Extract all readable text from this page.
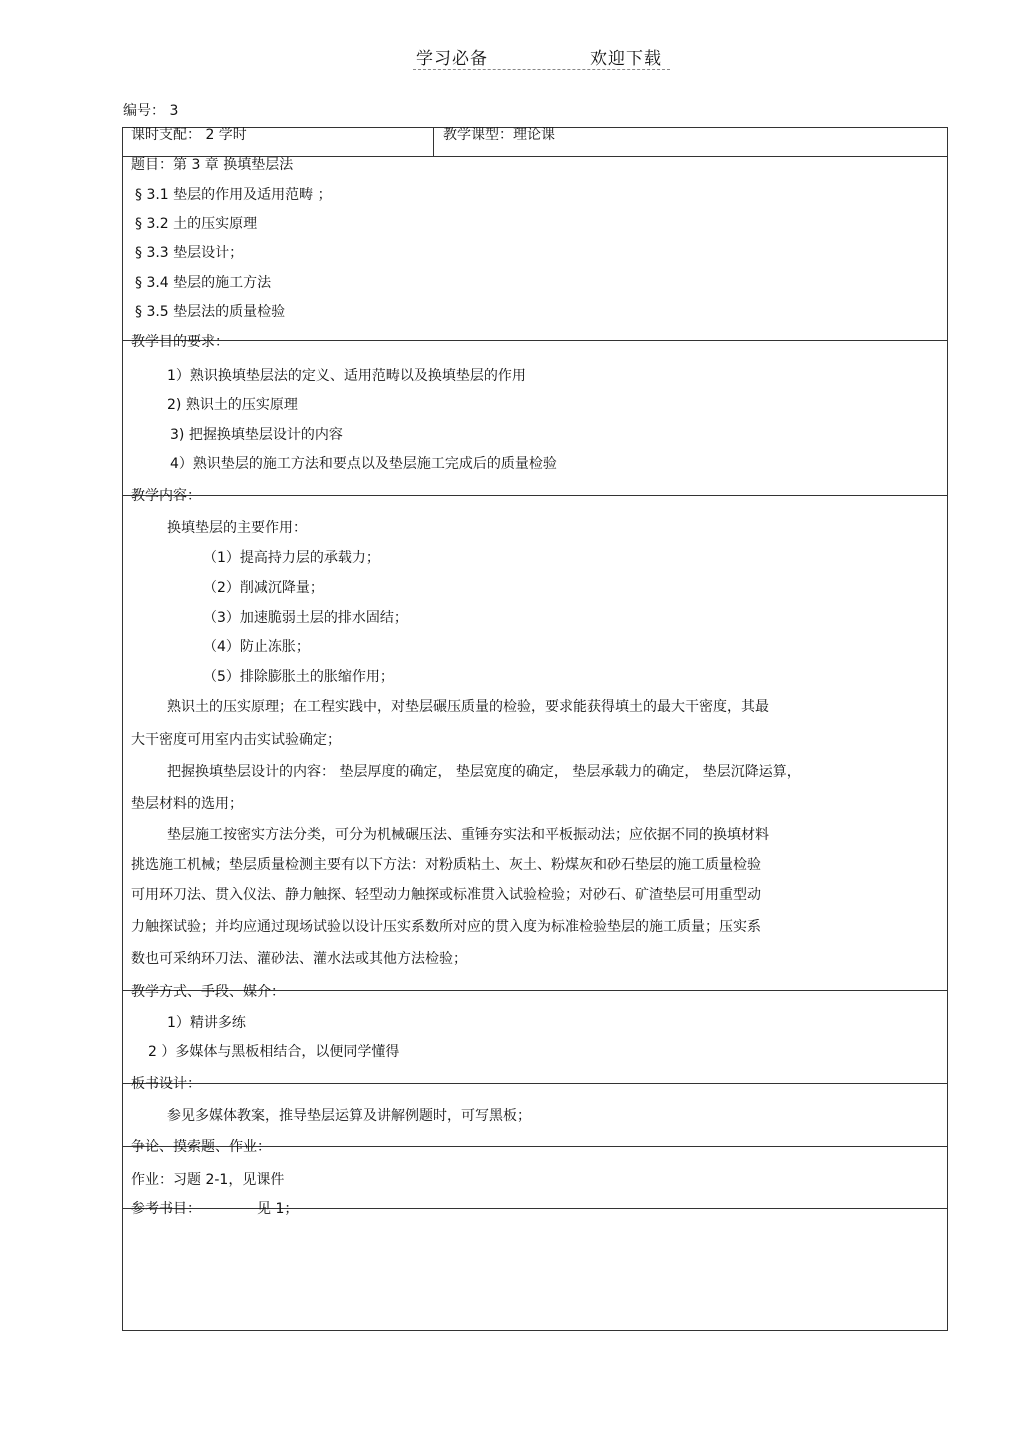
学习必备	欢迎下载
编号： 3
课时支配： 2 学时	教学课型：理论课
题目：第 3 章 换填垫层法
§ 3.1 垫层的作用及适用范畴 ；
§ 3.2 土的压实原理
§ 3.3 垫层设计；
§ 3.4 垫层的施工方法
§ 3.5 垫层法的质量检验
教学目的要求：
1）熟识换填垫层法的定义、适用范畴以及换填垫层的作用
2) 熟识土的压实原理
3) 把握换填垫层设计的内容
4）熟识垫层的施工方法和要点以及垫层施工完成后的质量检验
教学内容：
换填垫层的主要作用：
（1）提高持力层的承载力；
（2）削减沉降量；
（3）加速脆弱土层的排水固结；
（4）防止冻胀；
（5）排除膨胀土的胀缩作用；
熟识土的压实原理；在工程实践中，对垫层碾压质量的检验，要求能获得填土的最大干密度，其最
大干密度可用室内击实试验确定；
把握换填垫层设计的内容： 垫层厚度的确定， 垫层宽度的确定， 垫层承载力的确定， 垫层沉降运算，
垫层材料的选用；
垫层施工按密实方法分类，可分为机械碾压法、重锤夯实法和平板振动法；应依据不同的换填材料
挑选施工机械；垫层质量检测主要有以下方法：对粉质粘土、灰土、粉煤灰和砂石垫层的施工质量检验
可用环刀法、贯入仪法、静力触探、轻型动力触探或标准贯入试验检验；对砂石、矿渣垫层可用重型动
力触探试验；并均应通过现场试验以设计压实系数所对应的贯入度为标准检验垫层的施工质量；压实系
数也可采纳环刀法、灌砂法、灌水法或其他方法检验；
教学方式、手段、媒介：
1）精讲多练
2 ）多媒体与黑板相结合，以便同学懂得
板书设计：
参见多媒体教案，推导垫层运算及讲解例题时，可写黑板；
争论、摸索题、作业：
作业：习题 2-1，见课件
参考书目：	见 1；
